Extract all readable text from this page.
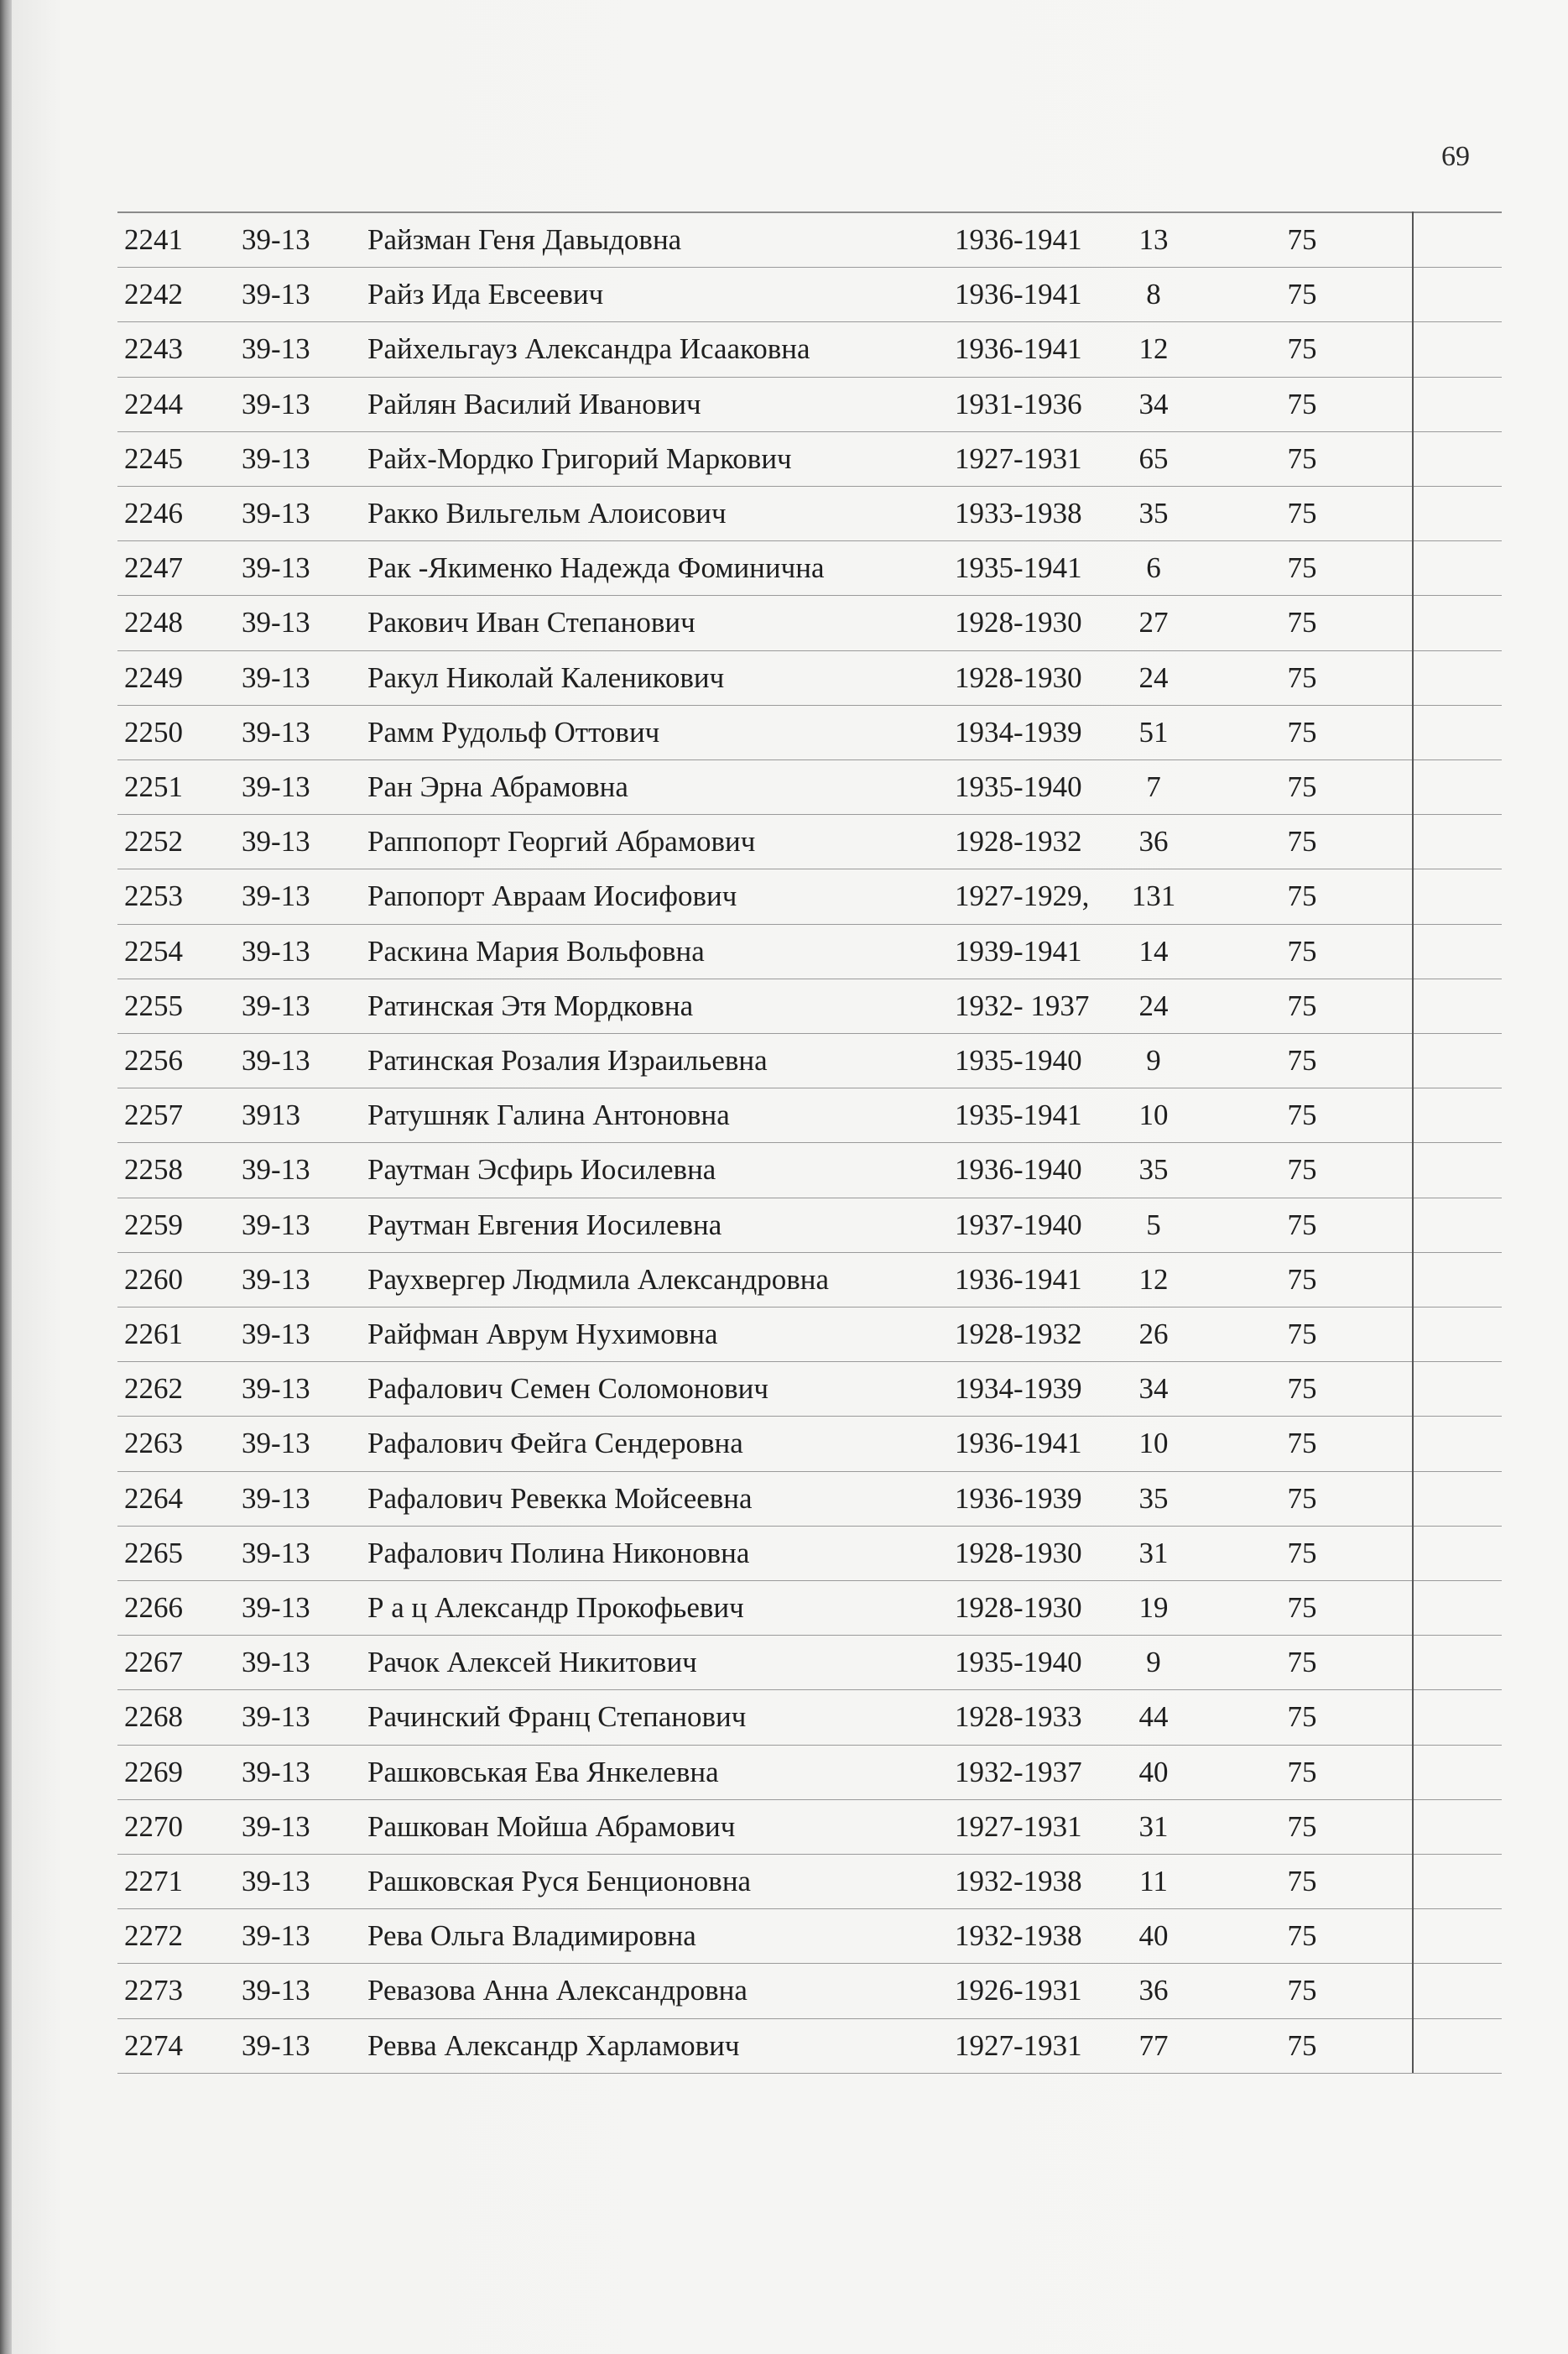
69
2241	39-13	Райзман Геня Давыдовна	1936-1941	13	75
2242	39-13	Райз Ида Евсеевич	1936-1941	8	75
2243	39-13	Райхельгауз Александра Исааковна	1936-1941	12	75
2244	39-13	Райлян Василий Иванович	1931-1936	34	75
2245	39-13	Райх-Мордко Григорий Маркович	1927-1931	65	75
2246	39-13	Ракко Вильгельм Алоисович	1933-1938	35	75
2247	39-13	Рак -Якименко Надежда Фоминична	1935-1941	6	75
2248	39-13	Ракович Иван Степанович	1928-1930	27	75
2249	39-13	Ракул Николай Каленикович	1928-1930	24	75
2250	39-13	Рамм Рудольф Оттович	1934-1939	51	75
2251	39-13	Ран Эрна Абрамовна	1935-1940	7	75
2252	39-13	Раппопорт Георгий Абрамович	1928-1932	36	75
2253	39-13	Рапопорт Авраам Иосифович	1927-1929,	131	75
2254	39-13	Раскина Мария Вольфовна	1939-1941	14	75
2255	39-13	Ратинская Этя Мордковна	1932- 1937	24	75
2256	39-13	Ратинская Розалия Израильевна	1935-1940	9	75
2257	3913	Ратушняк Галина Антоновна	1935-1941	10	75
2258	39-13	Раутман Эсфирь Иосилевна	1936-1940	35	75
2259	39-13	Раутман Евгения Иосилевна	1937-1940	5	75
2260	39-13	Раухвергер Людмила Александровна	1936-1941	12	75
2261	39-13	Райфман Аврум Нухимовна	1928-1932	26	75
2262	39-13	Рафалович Семен Соломонович	1934-1939	34	75
2263	39-13	Рафалович Фейга Сендеровна	1936-1941	10	75
2264	39-13	Рафалович Ревекка Мойсеевна	1936-1939	35	75
2265	39-13	Рафалович Полина Никоновна	1928-1930	31	75
2266	39-13	Р а ц Александр Прокофьевич	1928-1930	19	75
2267	39-13	Рачок Алексей Никитович	1935-1940	9	75
2268	39-13	Рачинский Франц Степанович	1928-1933	44	75
2269	39-13	Рашковськая Ева Янкелевна	1932-1937	40	75
2270	39-13	Рашкован Мойша Абрамович	1927-1931	31	75
2271	39-13	Рашковская Руся Бенционовна	1932-1938	11	75
2272	39-13	Рева Ольга Владимировна	1932-1938	40	75
2273	39-13	Ревазова Анна Александровна	1926-1931	36	75
2274	39-13	Ревва Александр Харламович	1927-1931	77	75
